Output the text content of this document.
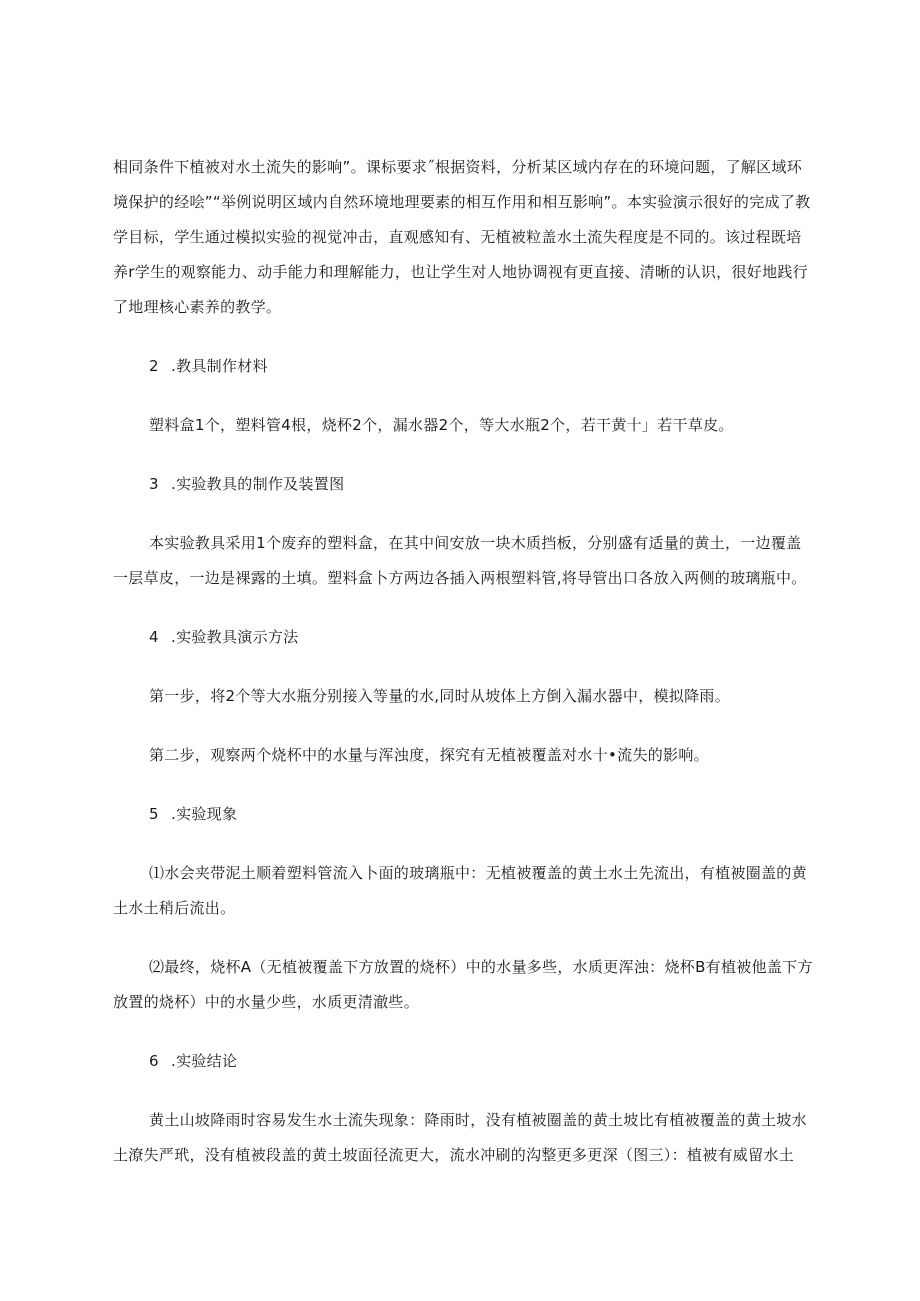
相同条件下植被对水土流失的影响”。课标要求˝根据资料，分析某区域内存在的环境问题，了解区域环境保护的经哙”“举例说明区域内自然环境地理要素的相互作用和相互影响”。本实验演示很好的完成了教学目标，学生通过模拟实验的视觉冲击，直观感知有、无植被粒盖水土流失程度是不同的。该过程既培养r学生的观察能力、动手能力和理解能力，也让学生对人地协调视有更直接、清晰的认识，很好地践行了地理核心素养的教学。

2 .教具制作材料

塑料盒1个，塑料管4根，烧杯2个，漏水器2个，等大水瓶2个，若干黄十」若干草皮。

3 .实验教具的制作及装置图

本实验教具采用1个废弃的塑料盒，在其中间安放一块木质挡板，分别盛有适量的黄土，一边覆盖一层草皮，一边是裸露的土填。塑料盒卜方两边各插入两根塑料管,将导管出口各放入两侧的玻璃瓶中。

4 .实验教具演示方法

第一步，将2个等大水瓶分别接入等量的水,同时从坡体上方倒入漏水器中，模拟降雨。

第二步，观察两个烧杯中的水量与浑浊度，探究有无植被覆盖对水十•流失的影响。

5 .实验现象

⑴水会夹带泥土顺着塑料管流入卜面的玻璃瓶中：无植被覆盖的黄土水土先流出，有植被圈盖的黄土水土稍后流出。

⑵最终，烧杯A（无植被覆盖下方放置的烧杯）中的水量多些，水质更浑浊：烧杯B有植被他盖下方放置的烧杯）中的水量少些，水质更清澈些。

6 .实验结论

黄土山坡降雨时容易发生水土流失现象：降雨时，没有植被圈盖的黄土坡比有植被覆盖的黄土坡水土潦失严玳，没有植被段盖的黄土坡面径流更大，流水冲刷的沟整更多更深（图三）：植被有威留水土
